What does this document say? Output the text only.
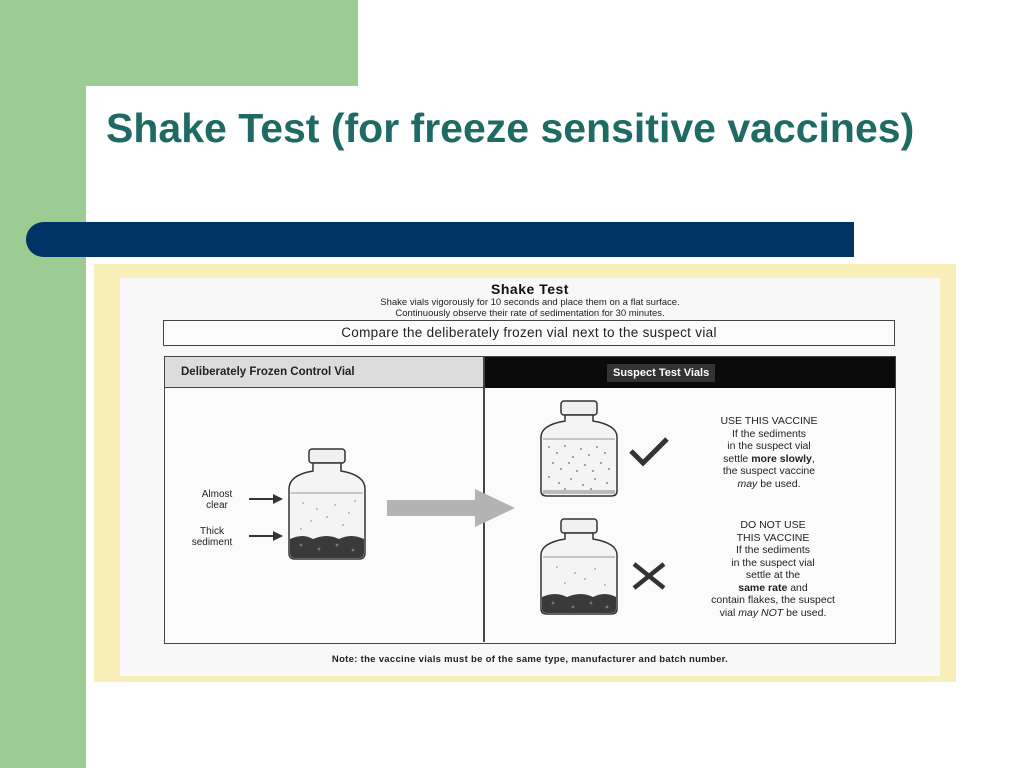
Shake Test (for freeze sensitive vaccines)
Shake Test
Shake vials vigorously for 10 seconds and place them on a flat surface.
Continuously observe their rate of sedimentation for 30 minutes.
Compare the deliberately frozen vial next to the suspect vial
Deliberately Frozen Control Vial	Suspect Test Vials
Almost
clear
Thick
sediment
USE THIS VACCINE
If the sediments
in the suspect vial
settle more slowly,
the suspect vaccine
may be used.
DO NOT USE
THIS VACCINE
If the sediments
in the suspect vial
settle at the
same rate and
contain flakes, the suspect
vial may NOT be used.
Note: the vaccine vials must be of the same type, manufacturer and batch number.
